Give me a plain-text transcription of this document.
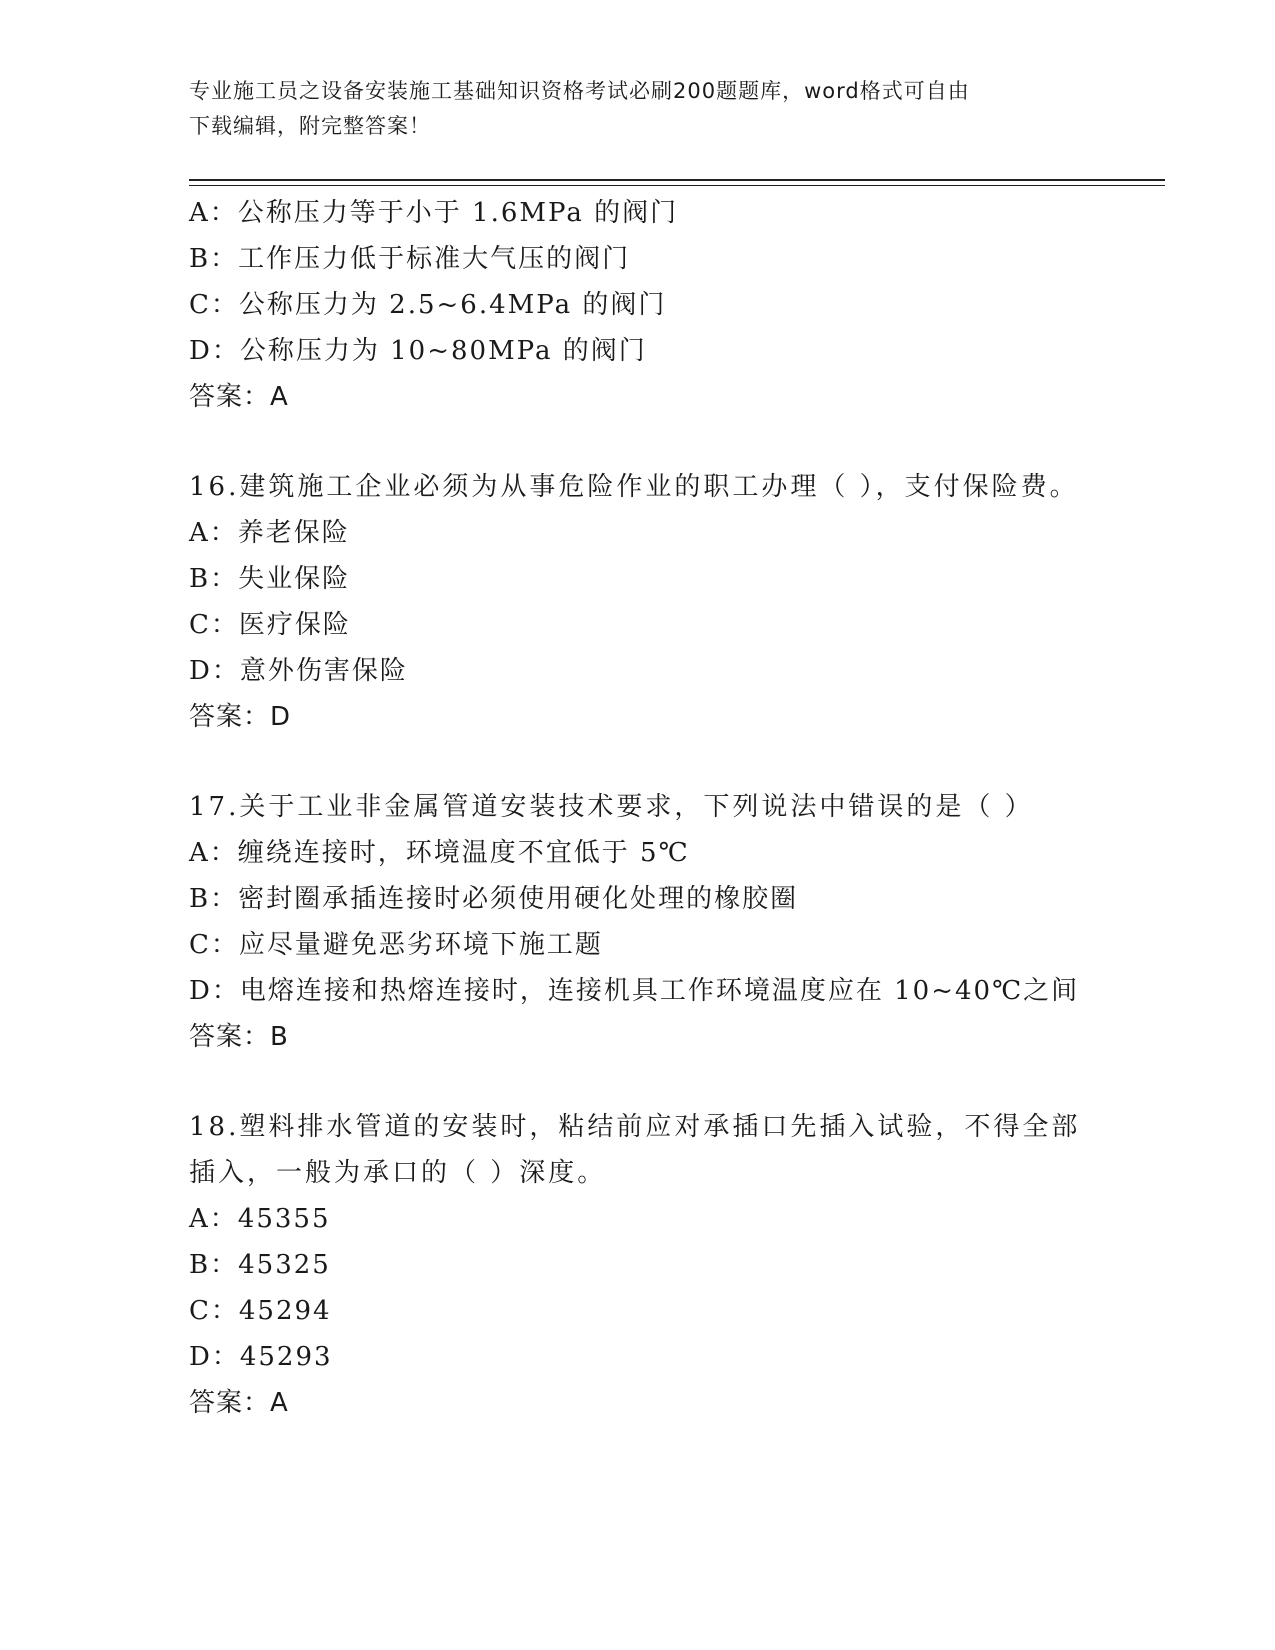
专业施工员之设备安装施工基础知识资格考试必刷200题题库，word格式可自由
下载编辑，附完整答案！
A：公称压力等于小于 1.6MPa 的阀门
B：工作压力低于标准大气压的阀门
C：公称压力为 2.5~6.4MPa 的阀门
D：公称压力为 10~80MPa 的阀门
答案：A
16.建筑施工企业必须为从事危险作业的职工办理（ ），支付保险费。
A：养老保险
B：失业保险
C：医疗保险
D：意外伤害保险
答案：D
17.关于工业非金属管道安装技术要求，下列说法中错误的是（ ）
A：缠绕连接时，环境温度不宜低于 5℃
B：密封圈承插连接时必须使用硬化处理的橡胶圈
C：应尽量避免恶劣环境下施工题
D：电熔连接和热熔连接时，连接机具工作环境温度应在 10~40℃之间
答案：B
18.塑料排水管道的安装时，粘结前应对承插口先插入试验，不得全部插入，一般为承口的（ ）深度。
A：45355
B：45325
C：45294
D：45293
答案：A
